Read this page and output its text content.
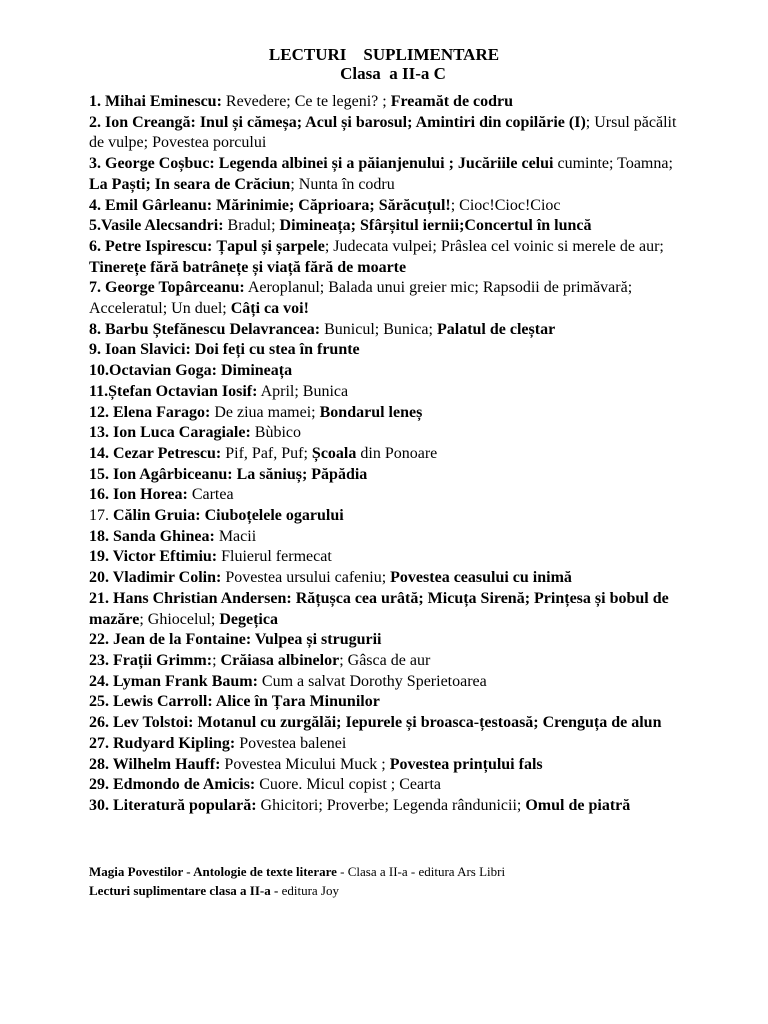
LECTURI    SUPLIMENTARE
Clasa  a II-a C
1. Mihai Eminescu: Revedere; Ce te legeni? ; Freamăt de codru
2. Ion Creangă: Inul și cămeșa; Acul și barosul; Amintiri din copilărie (I); Ursul păcălit de vulpe; Povestea porcului
3. George Coșbuc: Legenda albinei și a păianjenului ; Jucăriile celui cuminte; Toamna; La Paști; In seara de Crăciun; Nunta în codru
4. Emil Gârleanu: Mărinimie; Căprioara; Sărăcuțul!; Cioc!Cioc!Cioc
5.Vasile Alecsandri: Bradul; Dimineața; Sfârșitul iernii;Concertul în luncă
6. Petre Ispirescu: Țapul și șarpele; Judecata vulpei; Prâslea cel voinic si merele de aur; Tinerețe fără batrânețe și viață fără de moarte
7. George Topârceanu: Aeroplanul; Balada unui greier mic; Rapsodii de primăvară; Acceleratul; Un duel; Câți ca voi!
8. Barbu Ștefănescu Delavrancea: Bunicul; Bunica; Palatul de cleștar
9. Ioan Slavici: Doi feți cu stea în frunte
10.Octavian Goga: Dimineața
11.Ștefan Octavian Iosif: April; Bunica
12. Elena Farago: De ziua mamei; Bondarul leneș
13. Ion Luca Caragiale: Bùbico
14. Cezar Petrescu: Pif, Paf, Puf; Școala din Ponoare
15. Ion Agârbiceanu: La săniuș; Păpădia
16. Ion Horea: Cartea
17. Călin Gruia: Ciuboțelele ogarului
18. Sanda Ghinea: Macii
19. Victor Eftimiu: Fluierul fermecat
20. Vladimir Colin: Povestea ursului cafeniu; Povestea ceasului cu inimă
21. Hans Christian Andersen: Rățușca cea urâtă; Micuța Sirenă; Prințesa și bobul de mazăre; Ghiocelul; Degețica
22. Jean de la Fontaine: Vulpea și strugurii
23. Frații Grimm:; Crăiasa albinelor; Gâsca de aur
24. Lyman Frank Baum: Cum a salvat Dorothy Sperietoarea
25. Lewis Carroll: Alice în Țara Minunilor
26. Lev Tolstoi: Motanul cu zurgălăi; Iepurele și broasca-țestoasă; Crenguța de alun
27. Rudyard Kipling: Povestea balenei
28. Wilhelm Hauff: Povestea Micului Muck ; Povestea prințului fals
29. Edmondo de Amicis: Cuore. Micul copist ; Cearta
30. Literatură populară: Ghicitori; Proverbe; Legenda rândunicii; Omul de piatră
Magia Povestilor - Antologie de texte literare - Clasa a II-a - editura Ars Libri
Lecturi suplimentare clasa a II-a - editura Joy
